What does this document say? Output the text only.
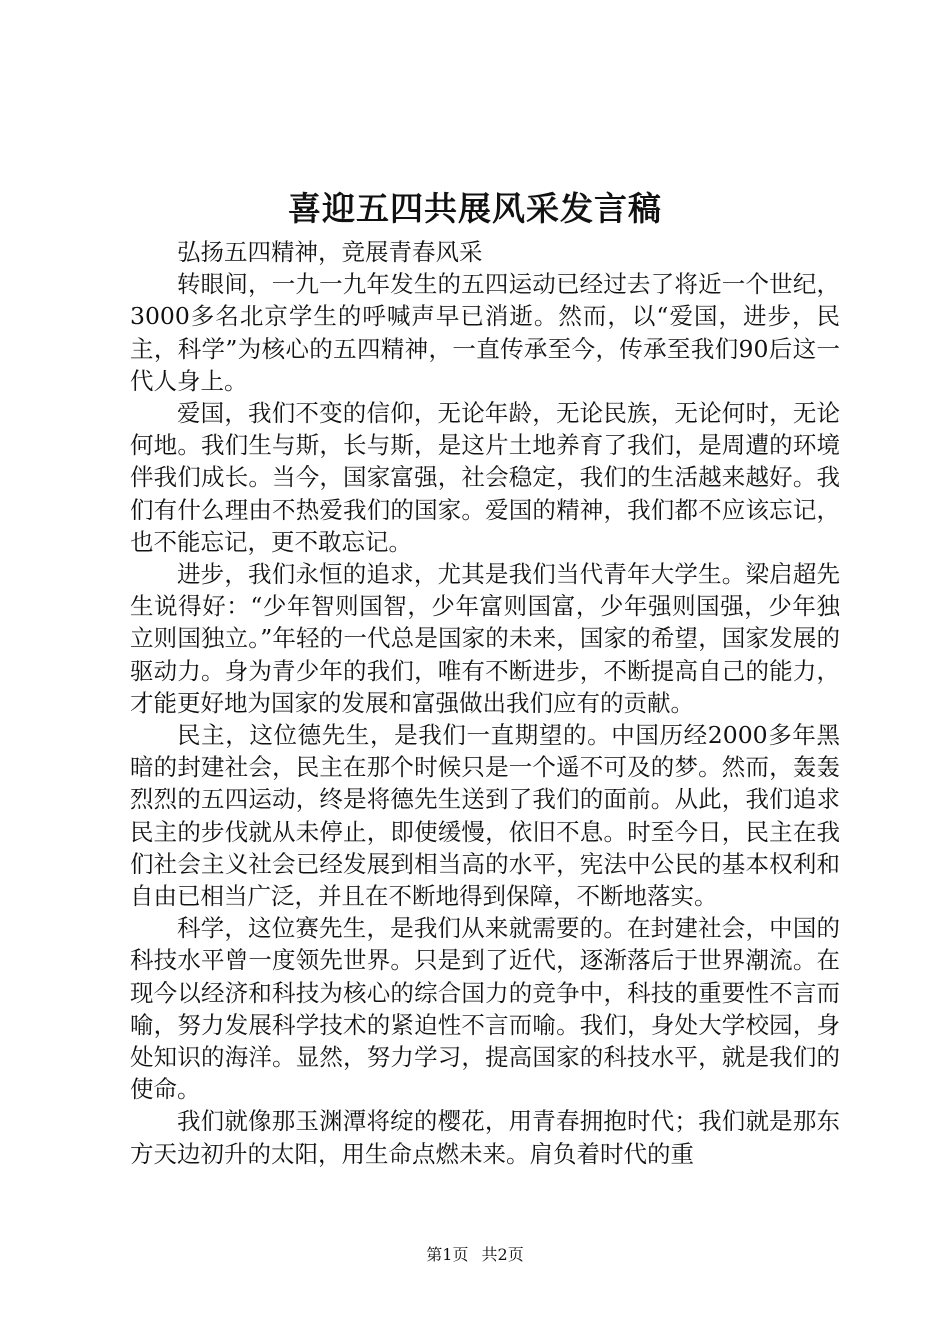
喜迎五四共展风采发言稿

弘扬五四精神，竞展青春风采

转眼间，一九一九年发生的五四运动已经过去了将近一个世纪，3000多名北京学生的呼喊声早已消逝。然而，以“爱国，进步，民主，科学”为核心的五四精神，一直传承至今，传承至我们90后这一代人身上。

爱国，我们不变的信仰，无论年龄，无论民族，无论何时，无论何地。我们生与斯，长与斯，是这片土地养育了我们，是周遭的环境伴我们成长。当今，国家富强，社会稳定，我们的生活越来越好。我们有什么理由不热爱我们的国家。爱国的精神，我们都不应该忘记，也不能忘记，更不敢忘记。

进步，我们永恒的追求，尤其是我们当代青年大学生。梁启超先生说得好：“少年智则国智，少年富则国富，少年强则国强，少年独立则国独立。”年轻的一代总是国家的未来，国家的希望，国家发展的驱动力。身为青少年的我们，唯有不断进步，不断提高自己的能力，才能更好地为国家的发展和富强做出我们应有的贡献。

民主，这位德先生，是我们一直期望的。中国历经2000多年黑暗的封建社会，民主在那个时候只是一个遥不可及的梦。然而，轰轰烈烈的五四运动，终是将德先生送到了我们的面前。从此，我们追求民主的步伐就从未停止，即使缓慢，依旧不息。时至今日，民主在我们社会主义社会已经发展到相当高的水平，宪法中公民的基本权利和自由已相当广泛，并且在不断地得到保障，不断地落实。

科学，这位赛先生，是我们从来就需要的。在封建社会，中国的科技水平曾一度领先世界。只是到了近代，逐渐落后于世界潮流。在现今以经济和科技为核心的综合国力的竞争中，科技的重要性不言而喻，努力发展科学技术的紧迫性不言而喻。我们，身处大学校园，身处知识的海洋。显然，努力学习，提高国家的科技水平，就是我们的使命。

我们就像那玉渊潭将绽的樱花，用青春拥抱时代；我们就是那东方天边初升的太阳，用生命点燃未来。肩负着时代的重

第1页 共2页
